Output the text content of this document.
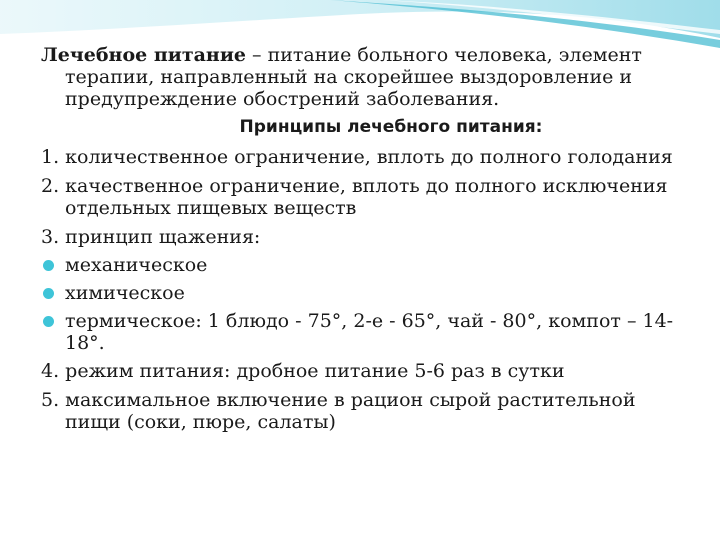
Лечебное питание – питание больного человека, элемент терапии, направленный на скорейшее выздоровление и предупреждение обострений заболевания.

Принципы лечебного питания:
1. количественное ограничение, вплоть до полного голодания
2. качественное ограничение, вплоть до полного исключения отдельных пищевых веществ
3. принцип щажения:
механическое
химическое
термическое: 1 блюдо - 75°, 2-е - 65°, чай - 80°, компот – 14-18°.
4. режим питания: дробное питание 5-6 раз в сутки
5. максимальное включение в рацион сырой растительной пищи (соки, пюре, салаты)
